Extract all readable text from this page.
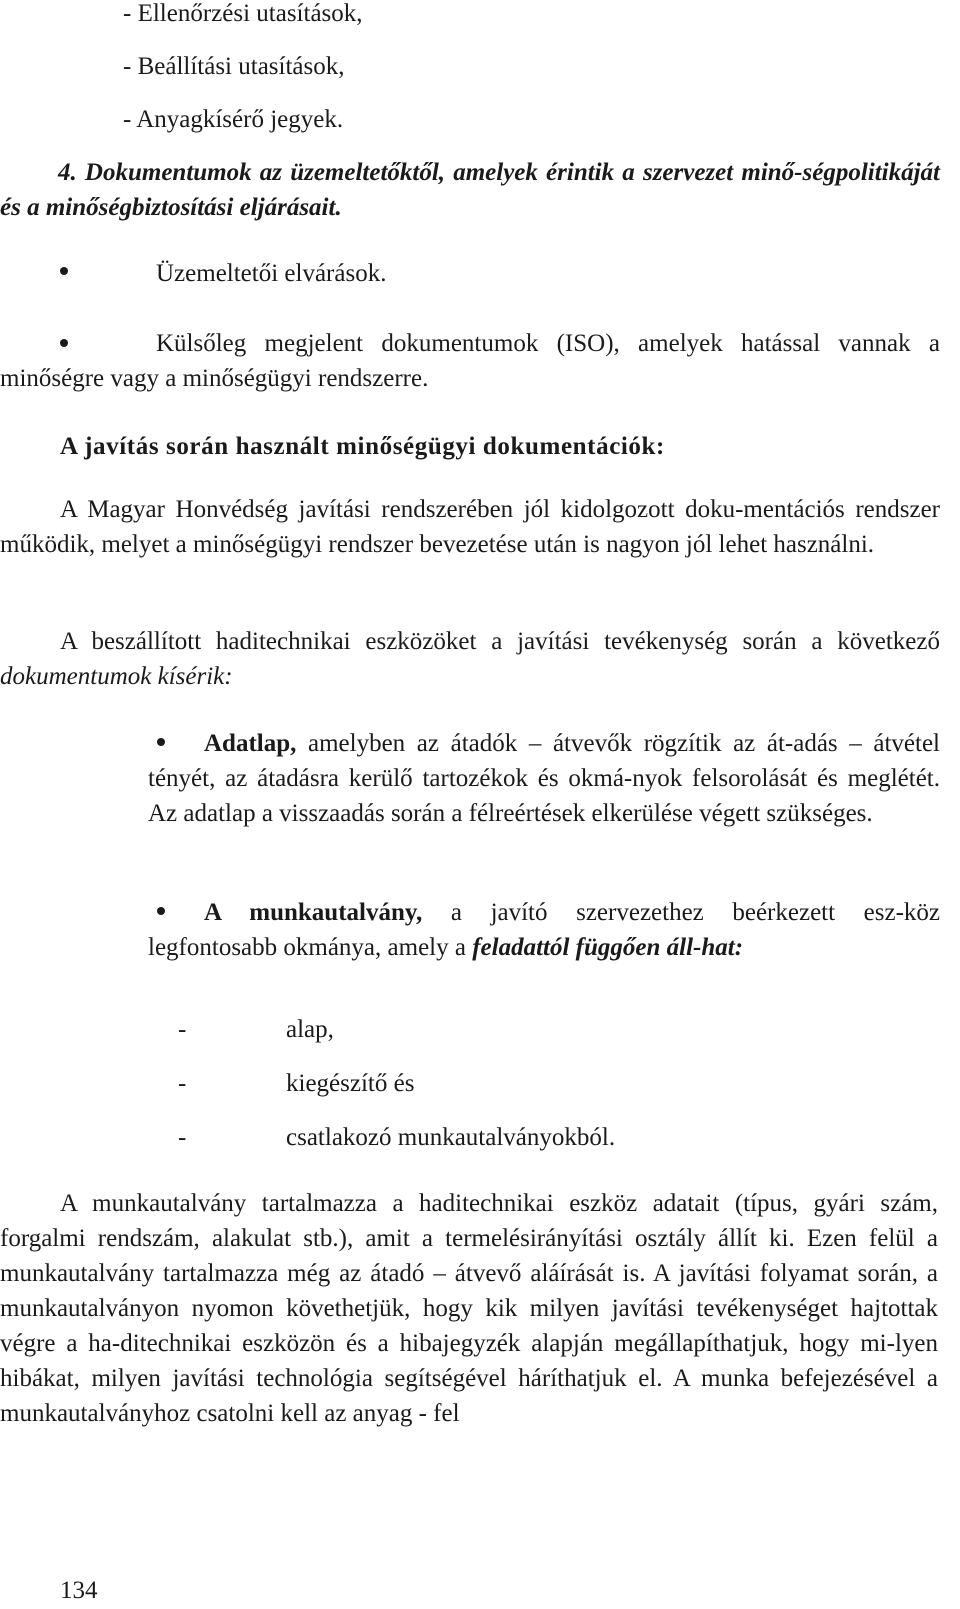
- Ellenőrzési utasítások,
- Beállítási utasítások,
- Anyagkísérő jegyek.

4. Dokumentumok az üzemeltetőktől, amelyek érintik a szervezet minő-ségpolitikáját és a minőségbiztosítási eljárásait.

Üzemeltetői elvárások.

Külsőleg megjelent dokumentumok (ISO), amelyek hatással vannak a minőségre vagy a minőségügyi rendszerre.

A javítás során használt minőségügyi dokumentációk:

A Magyar Honvédség javítási rendszerében jól kidolgozott doku-mentációs rendszer működik, melyet a minőségügyi rendszer bevezetése után is nagyon jól lehet használni.

A beszállított haditechnikai eszközöket a javítási tevékenység során a következő dokumentumok kísérik:

Adatlap, amelyben az átadók – átvevők rögzítik az át-adás – átvétel tényét, az átadásra kerülő tartozékok és okmá-nyok felsorolását és meglétét. Az adatlap a visszaadás során a félreértések elkerülése végett szükséges.

A munkautalvány, a javító szervezethez beérkezett esz-köz legfontosabb okmánya, amely a feladattól függően áll-hat:

-	alap,
-	kiegészítő és
-	csatlakozó munkautalványokból.

A munkautalvány tartalmazza a haditechnikai eszköz adatait (típus, gyári szám, forgalmi rendszám, alakulat stb.), amit a termelésirányítási osztály állít ki. Ezen felül a munkautalvány tartalmazza még az átadó – átvevő aláírását is. A javítási folyamat során, a munkautalványon nyomon követhetjük, hogy kik milyen javítási tevékenységet hajtottak végre a ha-ditechnikai eszközön és a hibajegyzék alapján megállapíthatjuk, hogy mi-lyen hibákat, milyen javítási technológia segítségével háríthatjuk el. A munka befejezésével a munkautalványhoz csatolni kell az anyag - fel

134
